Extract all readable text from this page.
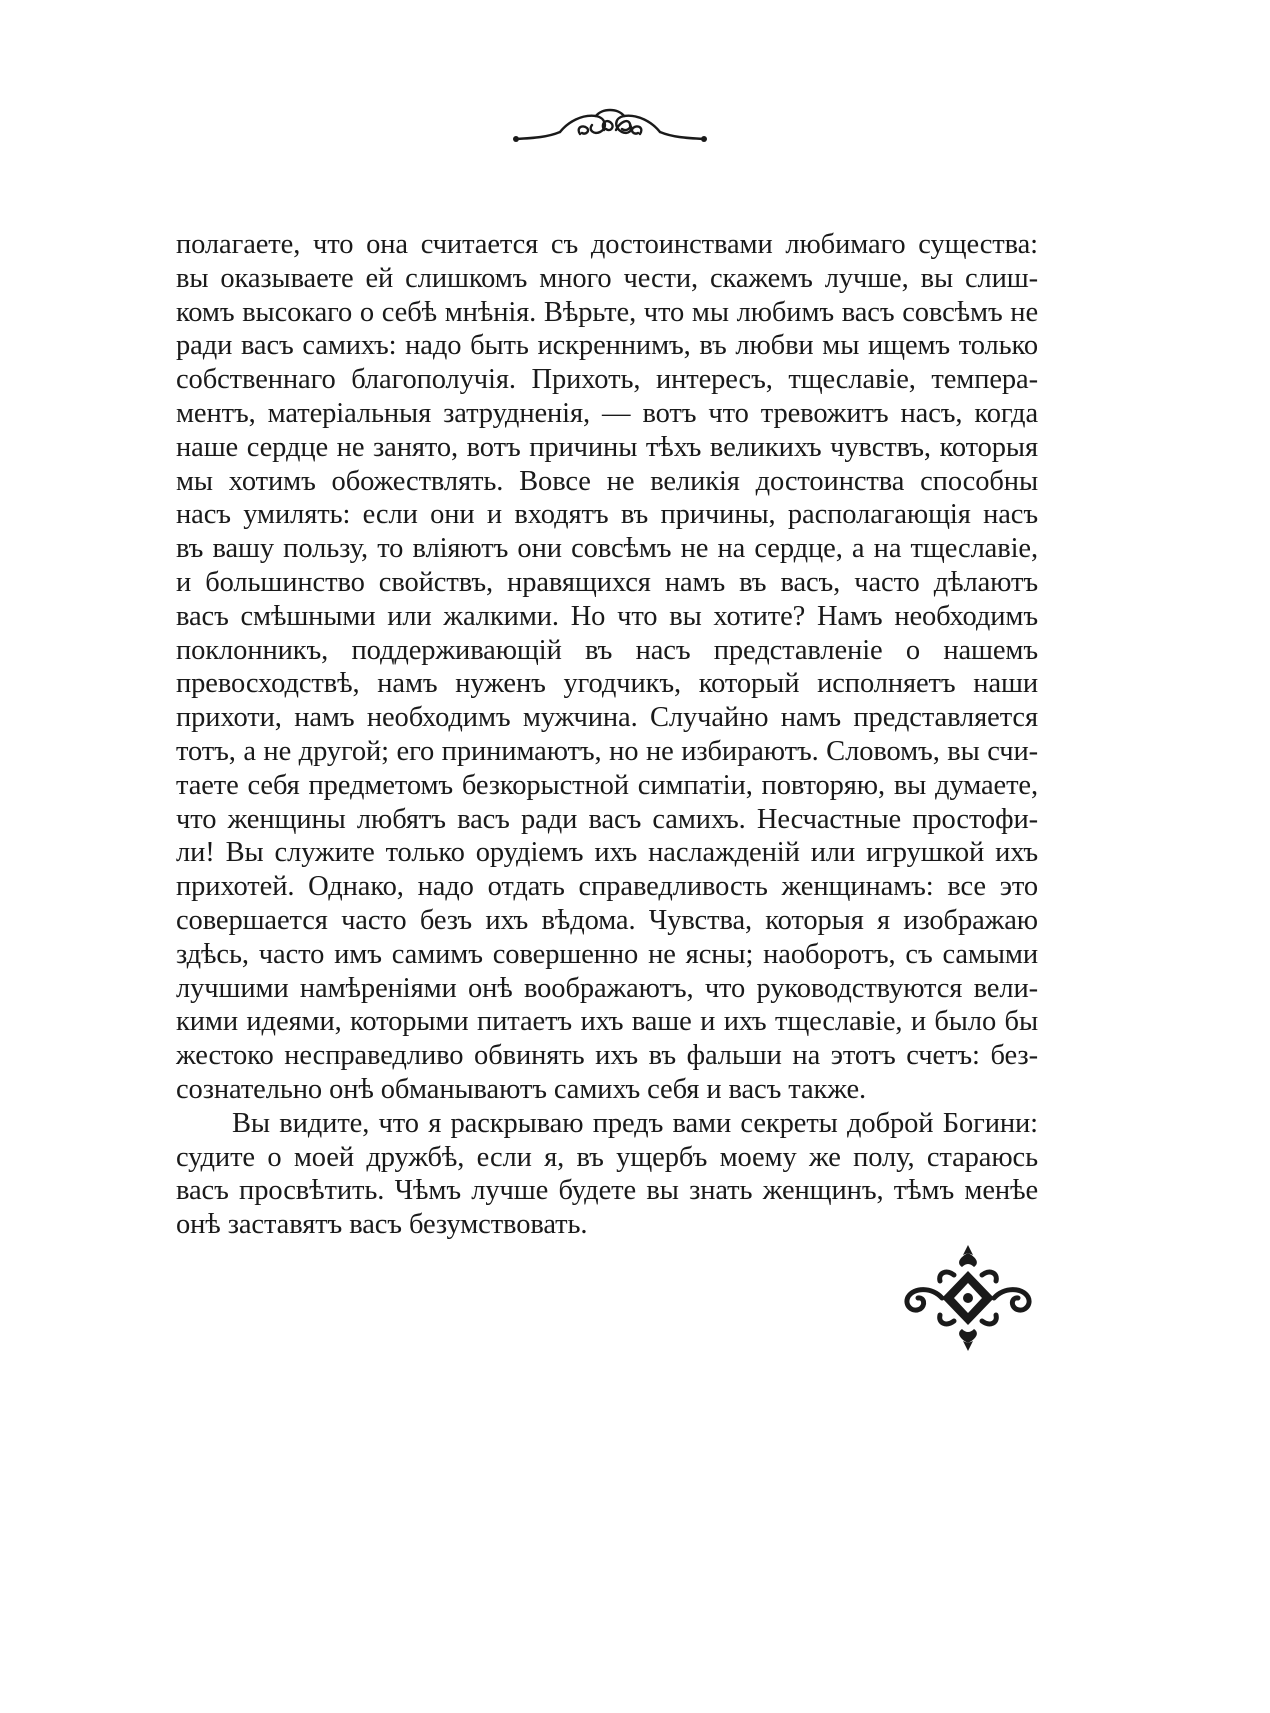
полагаете, что она считается съ достоинствами любимаго существа:
вы оказываете ей слишкомъ много чести, скажемъ лучше, вы слиш-
комъ высокаго о себѣ мнѣнія. Вѣрьте, что мы любимъ васъ совсѣмъ не
ради васъ самихъ: надо быть искреннимъ, въ любви мы ищемъ только
собственнаго благополучія. Прихоть, интересъ, тщеславіе, темпера-
ментъ, матеріальныя затрудненія, — вотъ что тревожитъ насъ, когда
наше сердце не занято, вотъ причины тѣхъ великихъ чувствъ, которыя
мы хотимъ обожествлять. Вовсе не великія достоинства способны
насъ умилять: если они и входятъ въ причины, располагающія насъ
въ вашу пользу, то вліяютъ они совсѣмъ не на сердце, а на тщеславіе,
и большинство свойствъ, нравящихся намъ въ васъ, часто дѣлаютъ
васъ смѣшными или жалкими. Но что вы хотите? Намъ необходимъ
поклонникъ, поддерживающій въ насъ представленіе о нашемъ
превосходствѣ, намъ нуженъ угодчикъ, который исполняетъ наши
прихоти, намъ необходимъ мужчина. Случайно намъ представляется
тотъ, а не другой; его принимаютъ, но не избираютъ. Словомъ, вы счи-
таете себя предметомъ безкорыстной симпатіи, повторяю, вы думаете,
что женщины любятъ васъ ради васъ самихъ. Несчастные простофи-
ли! Вы служите только орудіемъ ихъ наслажденій или игрушкой ихъ
прихотей. Однако, надо отдать справедливость женщинамъ: все это
совершается часто безъ ихъ вѣдома. Чувства, которыя я изображаю
здѣсь, часто имъ самимъ совершенно не ясны; наоборотъ, съ самыми
лучшими намѣреніями онѣ воображаютъ, что руководствуются вели-
кими идеями, которыми питаетъ ихъ ваше и ихъ тщеславіе, и было бы
жестоко несправедливо обвинять ихъ въ фальши на этотъ счетъ: без-
сознательно онѣ обманываютъ самихъ себя и васъ также.
Вы видите, что я раскрываю предъ вами секреты доброй Богини:
судите о моей дружбѣ, если я, въ ущербъ моему же полу, стараюсь
васъ просвѣтить. Чѣмъ лучше будете вы знать женщинъ, тѣмъ менѣе
онѣ заставятъ васъ безумствовать.
